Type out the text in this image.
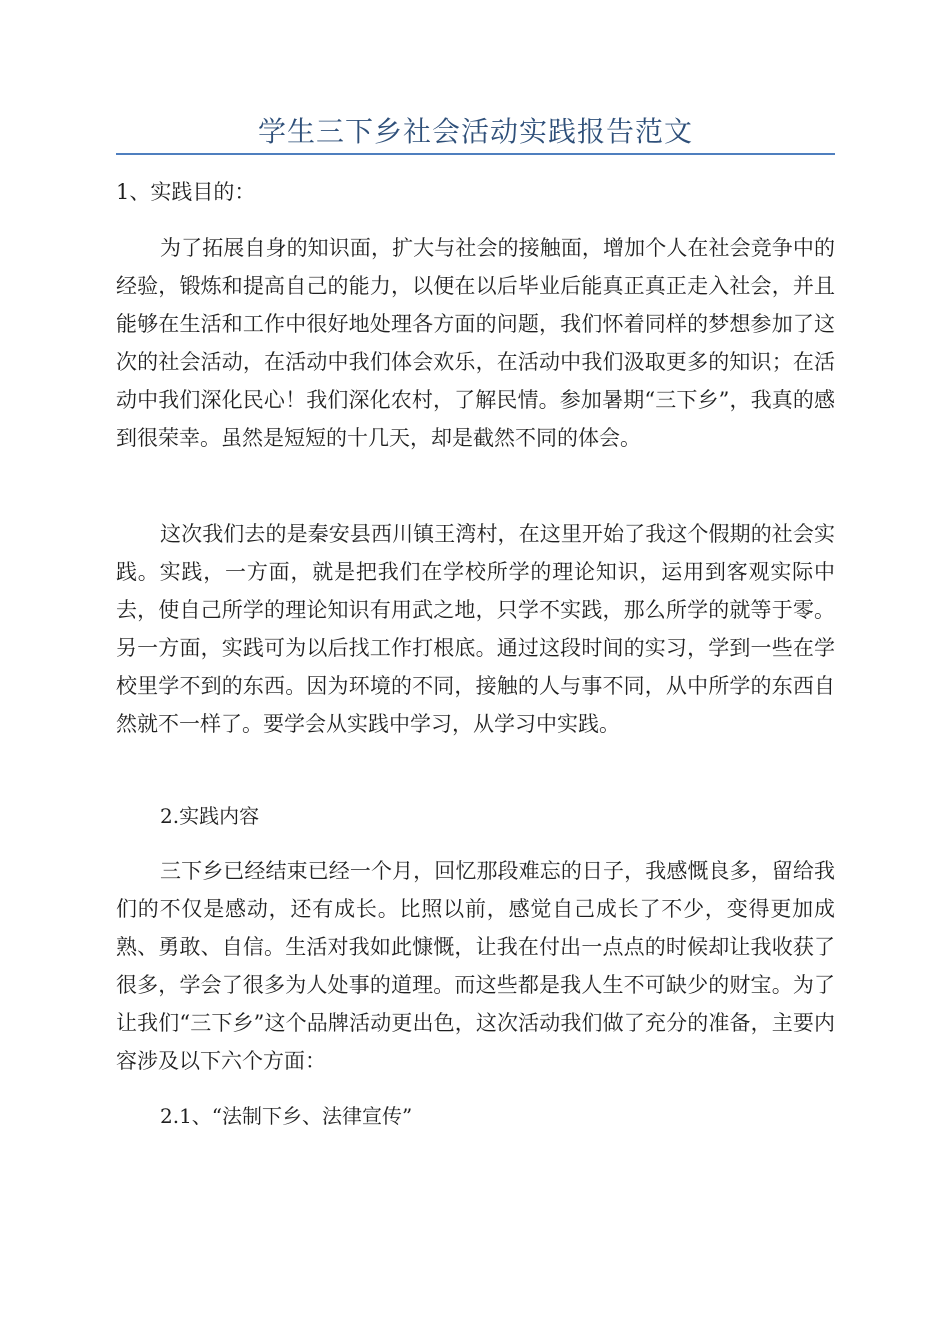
学生三下乡社会活动实践报告范文

1、实践目的：

为了拓展自身的知识面，扩大与社会的接触面，增加个人在社会竞争中的经验，锻炼和提高自己的能力，以便在以后毕业后能真正真正走入社会，并且能够在生活和工作中很好地处理各方面的问题，我们怀着同样的梦想参加了这次的社会活动，在活动中我们体会欢乐，在活动中我们汲取更多的知识；在活动中我们深化民心！我们深化农村，了解民情。参加暑期“三下乡”，我真的感到很荣幸。虽然是短短的十几天，却是截然不同的体会。

这次我们去的是秦安县西川镇王湾村，在这里开始了我这个假期的社会实践。实践，一方面，就是把我们在学校所学的理论知识，运用到客观实际中去，使自己所学的理论知识有用武之地，只学不实践，那么所学的就等于零。另一方面，实践可为以后找工作打根底。通过这段时间的实习，学到一些在学校里学不到的东西。因为环境的不同，接触的人与事不同，从中所学的东西自然就不一样了。要学会从实践中学习，从学习中实践。

2.实践内容

三下乡已经结束已经一个月，回忆那段难忘的日子，我感慨良多，留给我们的不仅是感动，还有成长。比照以前，感觉自己成长了不少，变得更加成熟、勇敢、自信。生活对我如此慷慨，让我在付出一点点的时候却让我收获了很多，学会了很多为人处事的道理。而这些都是我人生不可缺少的财宝。为了让我们“三下乡”这个品牌活动更出色，这次活动我们做了充分的准备，主要内容涉及以下六个方面：

2.1、“法制下乡、法律宣传”
